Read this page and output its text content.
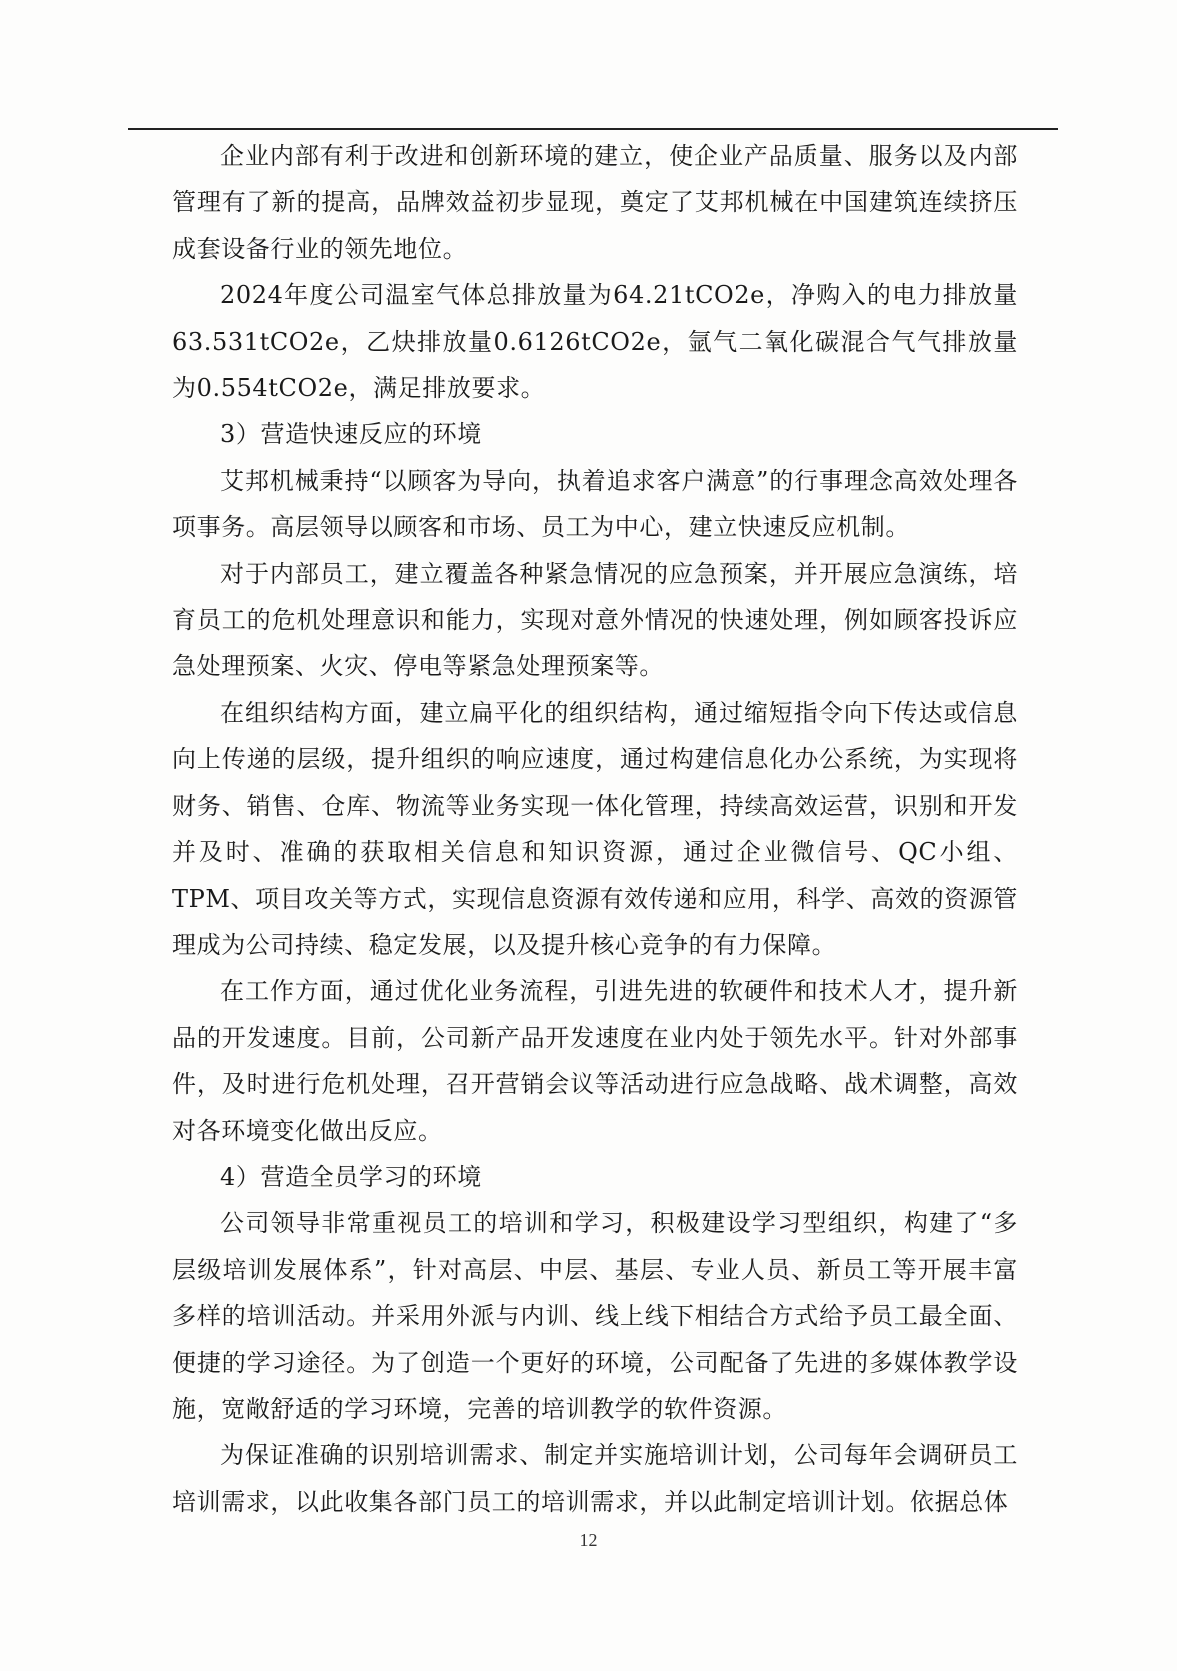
企业内部有利于改进和创新环境的建立，使企业产品质量、服务以及内部管理有了新的提高，品牌效益初步显现，奠定了艾邦机械在中国建筑连续挤压成套设备行业的领先地位。

2024年度公司温室气体总排放量为64.21tCO2e，净购入的电力排放量63.531tCO2e，乙炔排放量0.6126tCO2e，氩气二氧化碳混合气气排放量为0.554tCO2e，满足排放要求。

3）营造快速反应的环境

艾邦机械秉持“以顾客为导向，执着追求客户满意”的行事理念高效处理各项事务。高层领导以顾客和市场、员工为中心，建立快速反应机制。

对于内部员工，建立覆盖各种紧急情况的应急预案，并开展应急演练，培育员工的危机处理意识和能力，实现对意外情况的快速处理，例如顾客投诉应急处理预案、火灾、停电等紧急处理预案等。

在组织结构方面，建立扁平化的组织结构，通过缩短指令向下传达或信息向上传递的层级，提升组织的响应速度，通过构建信息化办公系统，为实现将财务、销售、仓库、物流等业务实现一体化管理，持续高效运营，识别和开发并及时、准确的获取相关信息和知识资源，通过企业微信号、QC小组、TPM、项目攻关等方式，实现信息资源有效传递和应用，科学、高效的资源管理成为公司持续、稳定发展，以及提升核心竞争的有力保障。

在工作方面，通过优化业务流程，引进先进的软硬件和技术人才，提升新品的开发速度。目前，公司新产品开发速度在业内处于领先水平。针对外部事件，及时进行危机处理，召开营销会议等活动进行应急战略、战术调整，高效对各环境变化做出反应。

4）营造全员学习的环境

公司领导非常重视员工的培训和学习，积极建设学习型组织，构建了“多层级培训发展体系”，针对高层、中层、基层、专业人员、新员工等开展丰富多样的培训活动。并采用外派与内训、线上线下相结合方式给予员工最全面、便捷的学习途径。为了创造一个更好的环境，公司配备了先进的多媒体教学设施，宽敞舒适的学习环境，完善的培训教学的软件资源。

为保证准确的识别培训需求、制定并实施培训计划，公司每年会调研员工培训需求，以此收集各部门员工的培训需求，并以此制定培训计划。依据总体

12
